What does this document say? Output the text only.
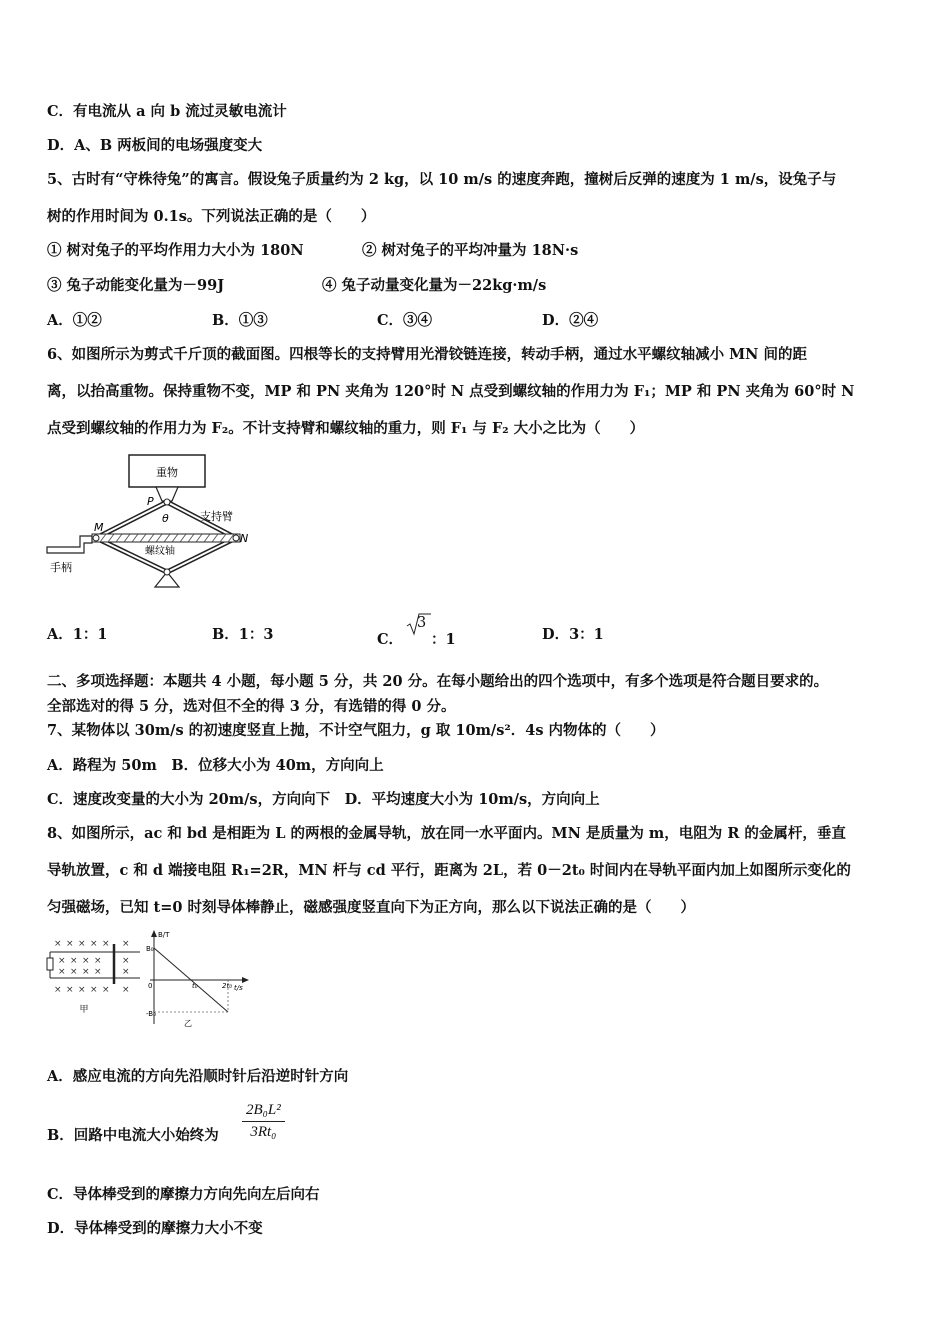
C．有电流从 a 向 b 流过灵敏电流计
D．A、B 两板间的电场强度变大
5、古时有“守株待兔”的寓言。假设兔子质量约为 2 kg，以 10 m/s 的速度奔跑，撞树后反弹的速度为 1 m/s，设兔子与
树的作用时间为 0.1s。下列说法正确的是（　　）
① 树对兔子的平均作用力大小为 180N	② 树对兔子的平均冲量为 18N·s
③ 兔子动能变化量为－99J	④ 兔子动量变化量为－22kg·m/s
A．①②	B．①③	C．③④	D．②④
6、如图所示为剪式千斤顶的截面图。四根等长的支持臂用光滑铰链连接，转动手柄，通过水平螺纹轴减小 MN 间的距
离，以抬高重物。保持重物不变，MP 和 PN 夹角为 120°时 N 点受到螺纹轴的作用力为 F₁；MP 和 PN 夹角为 60°时 N
点受到螺纹轴的作用力为 F₂。不计支持臂和螺纹轴的重力，则 F₁ 与 F₂ 大小之比为（　　）
重物
P
θ	支持臂
M
N
螺纹轴
手柄
A．1：1	B．1：3	C．
3
：1	D．3：1
二、多项选择题：本题共 4 小题，每小题 5 分，共 20 分。在每小题给出的四个选项中，有多个选项是符合题目要求的。
全部选对的得 5 分，选对但不全的得 3 分，有选错的得 0 分。
7、某物体以 30m/s 的初速度竖直上抛，不计空气阻力，g 取 10m/s²．4s 内物体的（　　）
A．路程为 50m　B．位移大小为 40m，方向向上
C．速度改变量的大小为 20m/s，方向向下　D．平均速度大小为 10m/s，方向向上
8、如图所示，ac 和 bd 是相距为 L 的两根的金属导轨，放在同一水平面内。MN 是质量为 m，电阻为 R 的金属杆，垂直
导轨放置，c 和 d 端接电阻 R₁=2R，MN 杆与 cd 平行，距离为 2L，若 0－2t₀ 时间内在导轨平面内加上如图所示变化的
匀强磁场，已知 t=0 时刻导体棒静止，磁感强度竖直向下为正方向，那么以下说法正确的是（　　）
× × × × × ×
× × × × ×
× × × × ×
× × × × × ×
甲
B/T
t/s
B₀
-B₀
t₀	2t₀
0
乙
A．感应电流的方向先沿顺时针后沿逆时针方向
B．回路中电流大小始终为 $\frac{\text{2B₀L²}}{\text{3Rt₀}}$
C．导体棒受到的摩擦力方向先向左后向右
D．导体棒受到的摩擦力大小不变
